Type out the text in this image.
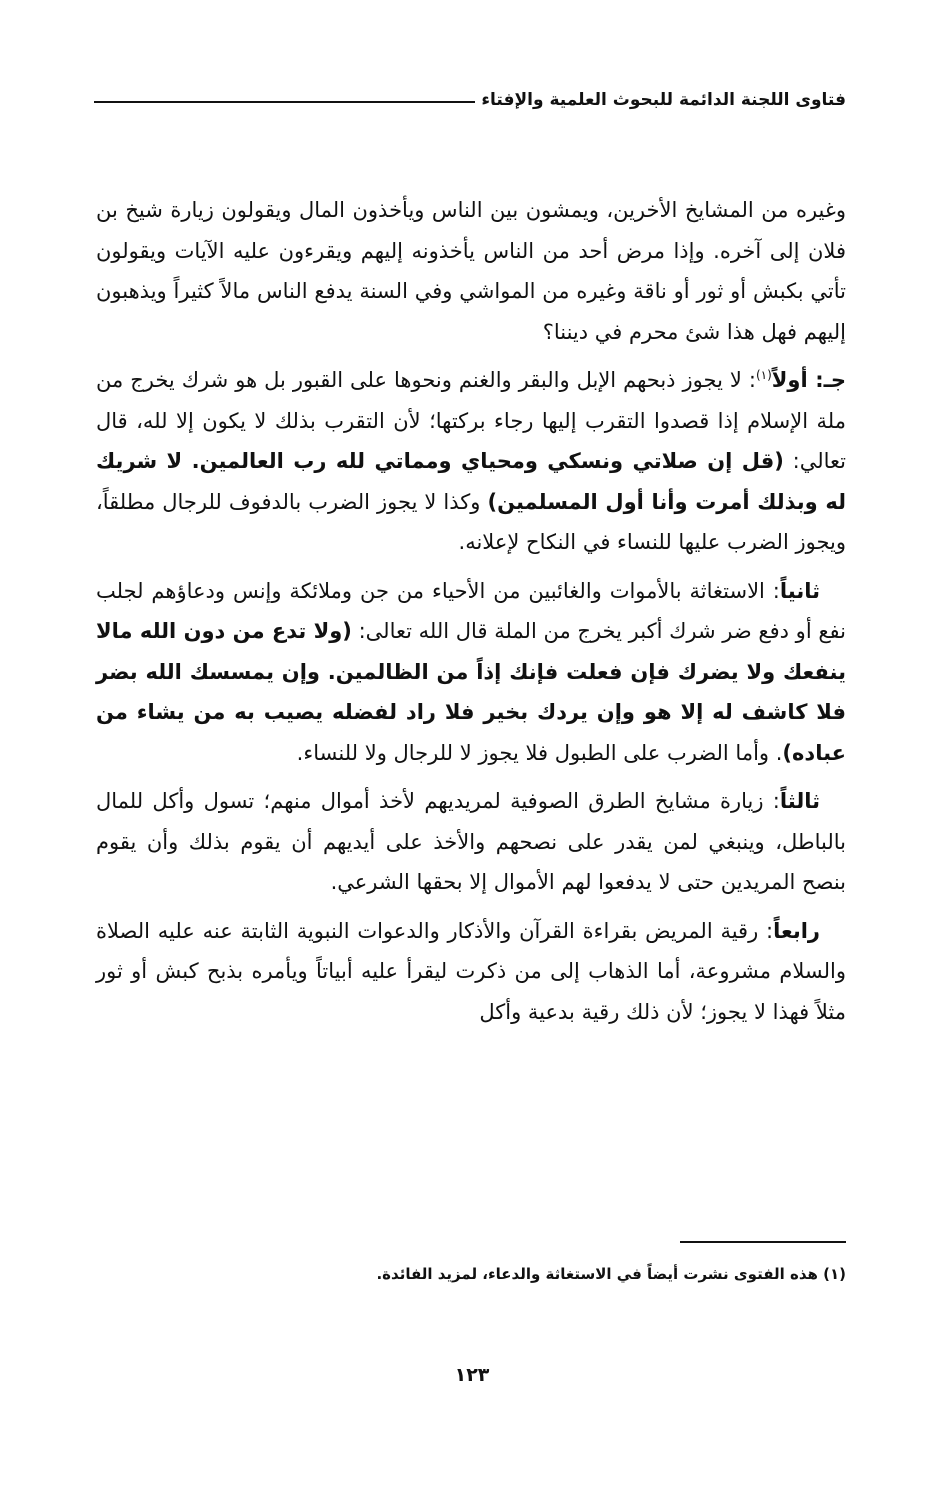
فتاوى اللجنة الدائمة للبحوث العلمية والإفتاء

وغيره من المشايخ الأخرين، ويمشون بين الناس ويأخذون المال ويقولون زيارة شيخ بن فلان إلى آخره. وإذا مرض أحد من الناس يأخذونه إليهم ويقرءون عليه الآيات ويقولون تأتي بكبش أو ثور أو ناقة وغيره من المواشي وفي السنة يدفع الناس مالاً كثيراً ويذهبون إليهم فهل هذا شئ محرم في ديننا؟

جـ: أولاً$^{(١)}$: لا يجوز ذبحهم الإبل والبقر والغنم ونحوها على القبور بل هو شرك يخرج من ملة الإسلام إذا قصدوا التقرب إليها رجاء بركتها؛ لأن التقرب بذلك لا يكون إلا لله، قال تعالي: (قل إن صلاتي ونسكي ومحياي ومماتي لله رب العالمين. لا شريك له وبذلك أمرت وأنا أول المسلمين) وكذا لا يجوز الضرب بالدفوف للرجال مطلقاً، ويجوز الضرب عليها للنساء في النكاح لإعلانه.

ثانياً: الاستغاثة بالأموات والغائبين من الأحياء من جن وملائكة وإنس ودعاؤهم لجلب نفع أو دفع ضر شرك أكبر يخرج من الملة قال الله تعالى: (ولا تدع من دون الله مالا ينفعك ولا يضرك فإن فعلت فإنك إذاً من الظالمين. وإن يمسسك الله بضر فلا كاشف له إلا هو وإن يردك بخير فلا راد لفضله يصيب به من يشاء من عباده). وأما الضرب على الطبول فلا يجوز لا للرجال ولا للنساء.

ثالثاً: زيارة مشايخ الطرق الصوفية لمريديهم لأخذ أموال منهم؛ تسول وأكل للمال بالباطل، وينبغي لمن يقدر على نصحهم والأخذ على أيديهم أن يقوم بذلك وأن يقوم بنصح المريدين حتى لا يدفعوا لهم الأموال إلا بحقها الشرعي.

رابعاً: رقية المريض بقراءة القرآن والأذكار والدعوات النبوية الثابتة عنه عليه الصلاة والسلام مشروعة، أما الذهاب إلى من ذكرت ليقرأ عليه أبياتاً ويأمره بذبح كبش أو ثور مثلاً فهذا لا يجوز؛ لأن ذلك رقية بدعية وأكل

(١) هذه الفتوى نشرت أيضاً في الاستغاثة والدعاء، لمزيد الفائدة.
١٢٣
